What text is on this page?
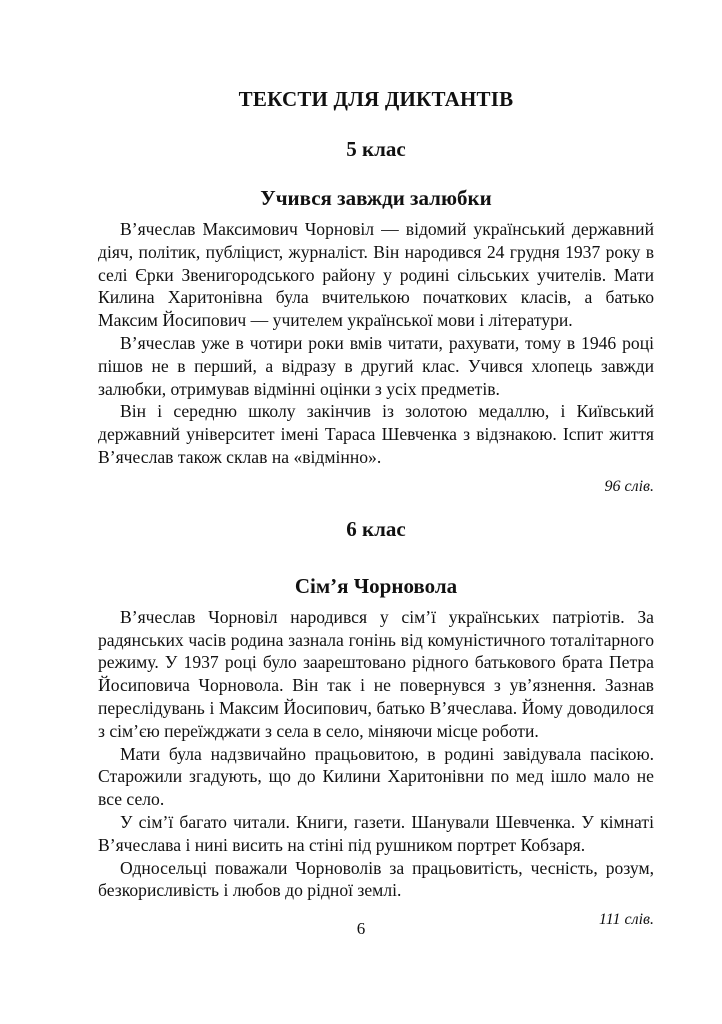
ТЕКСТИ ДЛЯ ДИКТАНТІВ
5 клас
Учився завжди залюбки

В’ячеслав Максимович Чорновіл — відомий український державний діяч, політик, публіцист, журналіст. Він народився 24 грудня 1937 року в селі Єрки Звенигородського району у родині сільських учителів. Мати Килина Харитонівна була вчителькою початкових класів, а батько Максим Йосипович — учителем української мови і літератури.

В’ячеслав уже в чотири роки вмів читати, рахувати, тому в 1946 році пішов не в перший, а відразу в другий клас. Учився хлопець завжди залюбки, отримував відмінні оцінки з усіх предметів.

Він і середню школу закінчив із золотою медаллю, і Київський державний університет імені Тараса Шевченка з відзнакою. Іспит життя В’ячеслав також склав на «відмінно».

96 слів.

6 клас
Сім’я Чорновола

В’ячеслав Чорновіл народився у сім’ї українських патріотів. За радянських часів родина зазнала гонінь від комуністичного тоталітарного режиму. У 1937 році було заарештовано рідного батькового брата Петра Йосиповича Чорновола. Він так і не повернувся з ув’язнення. Зазнав переслідувань і Максим Йосипович, батько В’ячеслава. Йому доводилося з сім’єю переїжджати з села в село, міняючи місце роботи.

Мати була надзвичайно працьовитою, в родині завідувала пасікою. Старожили згадують, що до Килини Харитонівни по мед ішло мало не все село.

У сім’ї багато читали. Книги, газети. Шанували Шевченка. У кімнаті В’ячеслава і нині висить на стіні під рушником портрет Кобзаря.

Односельці поважали Чорноволів за працьовитість, чесність, розум, безкорисливість і любов до рідної землі.

111 слів.

6
